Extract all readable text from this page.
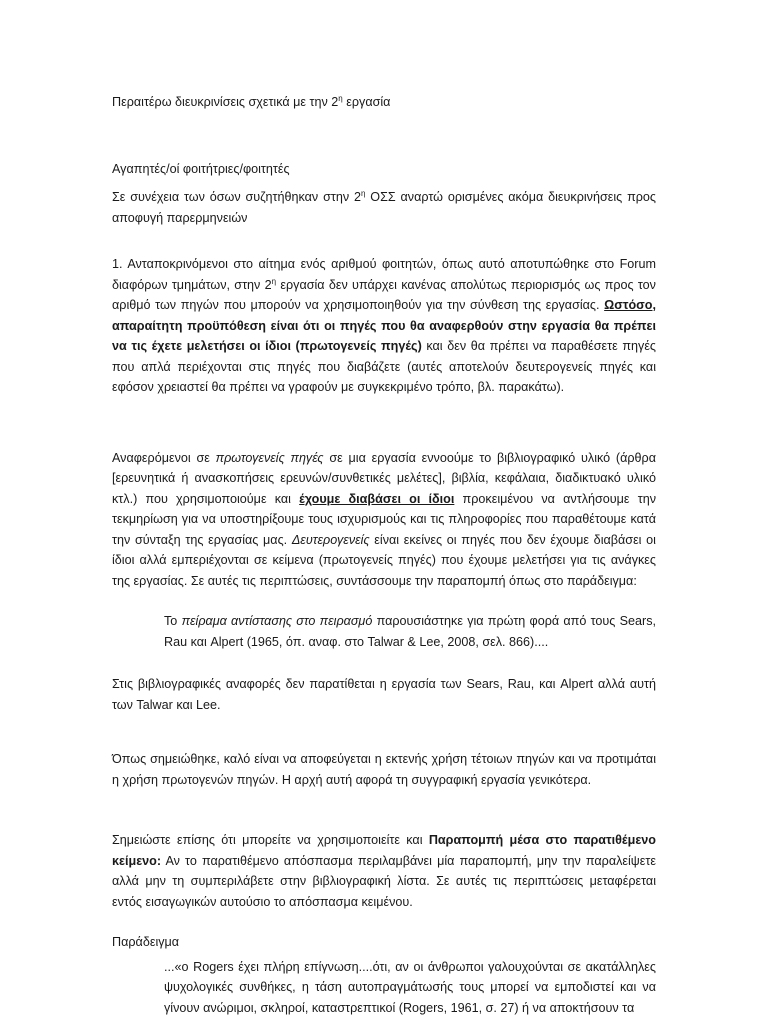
Περαιτέρω διευκρινίσεις σχετικά με την $2^\eta$ εργασία

Αγαπητές/οί φοιτήτριες/φοιτητές

Σε συνέχεια των όσων συζητήθηκαν στην $2^\eta$ ΟΣΣ αναρτώ ορισμένες ακόμα διευκρινήσεις προς αποφυγή παρερμηνειών

1. Ανταποκρινόμενοι στο αίτημα ενός αριθμού φοιτητών, όπως αυτό αποτυπώθηκε στο Forum διαφόρων τμημάτων, στην $2^\eta$ εργασία δεν υπάρχει κανένας απολύτως περιορισμός ως προς τον αριθμό των πηγών που μπορούν να χρησιμοποιηθούν για την σύνθεση της εργασίας. Ωστόσο, απαραίτητη προϋπόθεση είναι ότι οι πηγές που θα αναφερθούν στην εργασία θα πρέπει να τις έχετε μελετήσει οι ίδιοι (πρωτογενείς πηγές) και δεν θα πρέπει να παραθέσετε πηγές που απλά περιέχονται στις πηγές που διαβάζετε (αυτές αποτελούν δευτερογενείς πηγές και εφόσον χρειαστεί θα πρέπει να γραφούν με συγκεκριμένο τρόπο, βλ. παρακάτω).

Αναφερόμενοι σε πρωτογενείς πηγές σε μια εργασία εννοούμε το βιβλιογραφικό υλικό (άρθρα [ερευνητικά ή ανασκοπήσεις ερευνών/συνθετικές μελέτες], βιβλία, κεφάλαια, διαδικτυακό υλικό κτλ.) που χρησιμοποιούμε και έχουμε διαβάσει οι ίδιοι προκειμένου να αντλήσουμε την τεκμηρίωση για να υποστηρίξουμε τους ισχυρισμούς και τις πληροφορίες που παραθέτουμε κατά την σύνταξη της εργασίας μας. Δευτερογενείς είναι εκείνες οι πηγές που δεν έχουμε διαβάσει οι ίδιοι αλλά εμπεριέχονται σε κείμενα (πρωτογενείς πηγές) που έχουμε μελετήσει για τις ανάγκες της εργασίας. Σε αυτές τις περιπτώσεις, συντάσσουμε την παραπομπή όπως στο παράδειγμα:

Το πείραμα αντίστασης στο πειρασμό παρουσιάστηκε για πρώτη φορά από τους Sears, Rau και Alpert (1965, όπ. αναφ. στο Talwar & Lee, 2008, σελ. 866)....

Στις βιβλιογραφικές αναφορές δεν παρατίθεται η εργασία των Sears, Rau, και Alpert αλλά αυτή των Talwar και Lee.

Όπως σημειώθηκε, καλό είναι να αποφεύγεται η εκτενής χρήση τέτοιων πηγών και να προτιμάται η χρήση πρωτογενών πηγών. Η αρχή αυτή αφορά τη συγγραφική εργασία γενικότερα.

Σημειώστε επίσης ότι μπορείτε να χρησιμοποιείτε και Παραπομπή μέσα στο παρατιθέμενο κείμενο: Αν το παρατιθέμενο απόσπασμα περιλαμβάνει μία παραπομπή, μην την παραλείψετε αλλά μην τη συμπεριλάβετε στην βιβλιογραφική λίστα. Σε αυτές τις περιπτώσεις μεταφέρεται εντός εισαγωγικών αυτούσιο το απόσπασμα κειμένου.

Παράδειγμα

...«ο Rogers έχει πλήρη επίγνωση....ότι, αν οι άνθρωποι γαλουχούνται σε ακατάλληλες ψυχολογικές συνθήκες, η τάση αυτοπραγμάτωσής τους μπορεί να εμποδιστεί και να γίνουν ανώριμοι, σκληροί, καταστρεπτικοί (Rogers, 1961, σ. 27) ή να αποκτήσουν τα
